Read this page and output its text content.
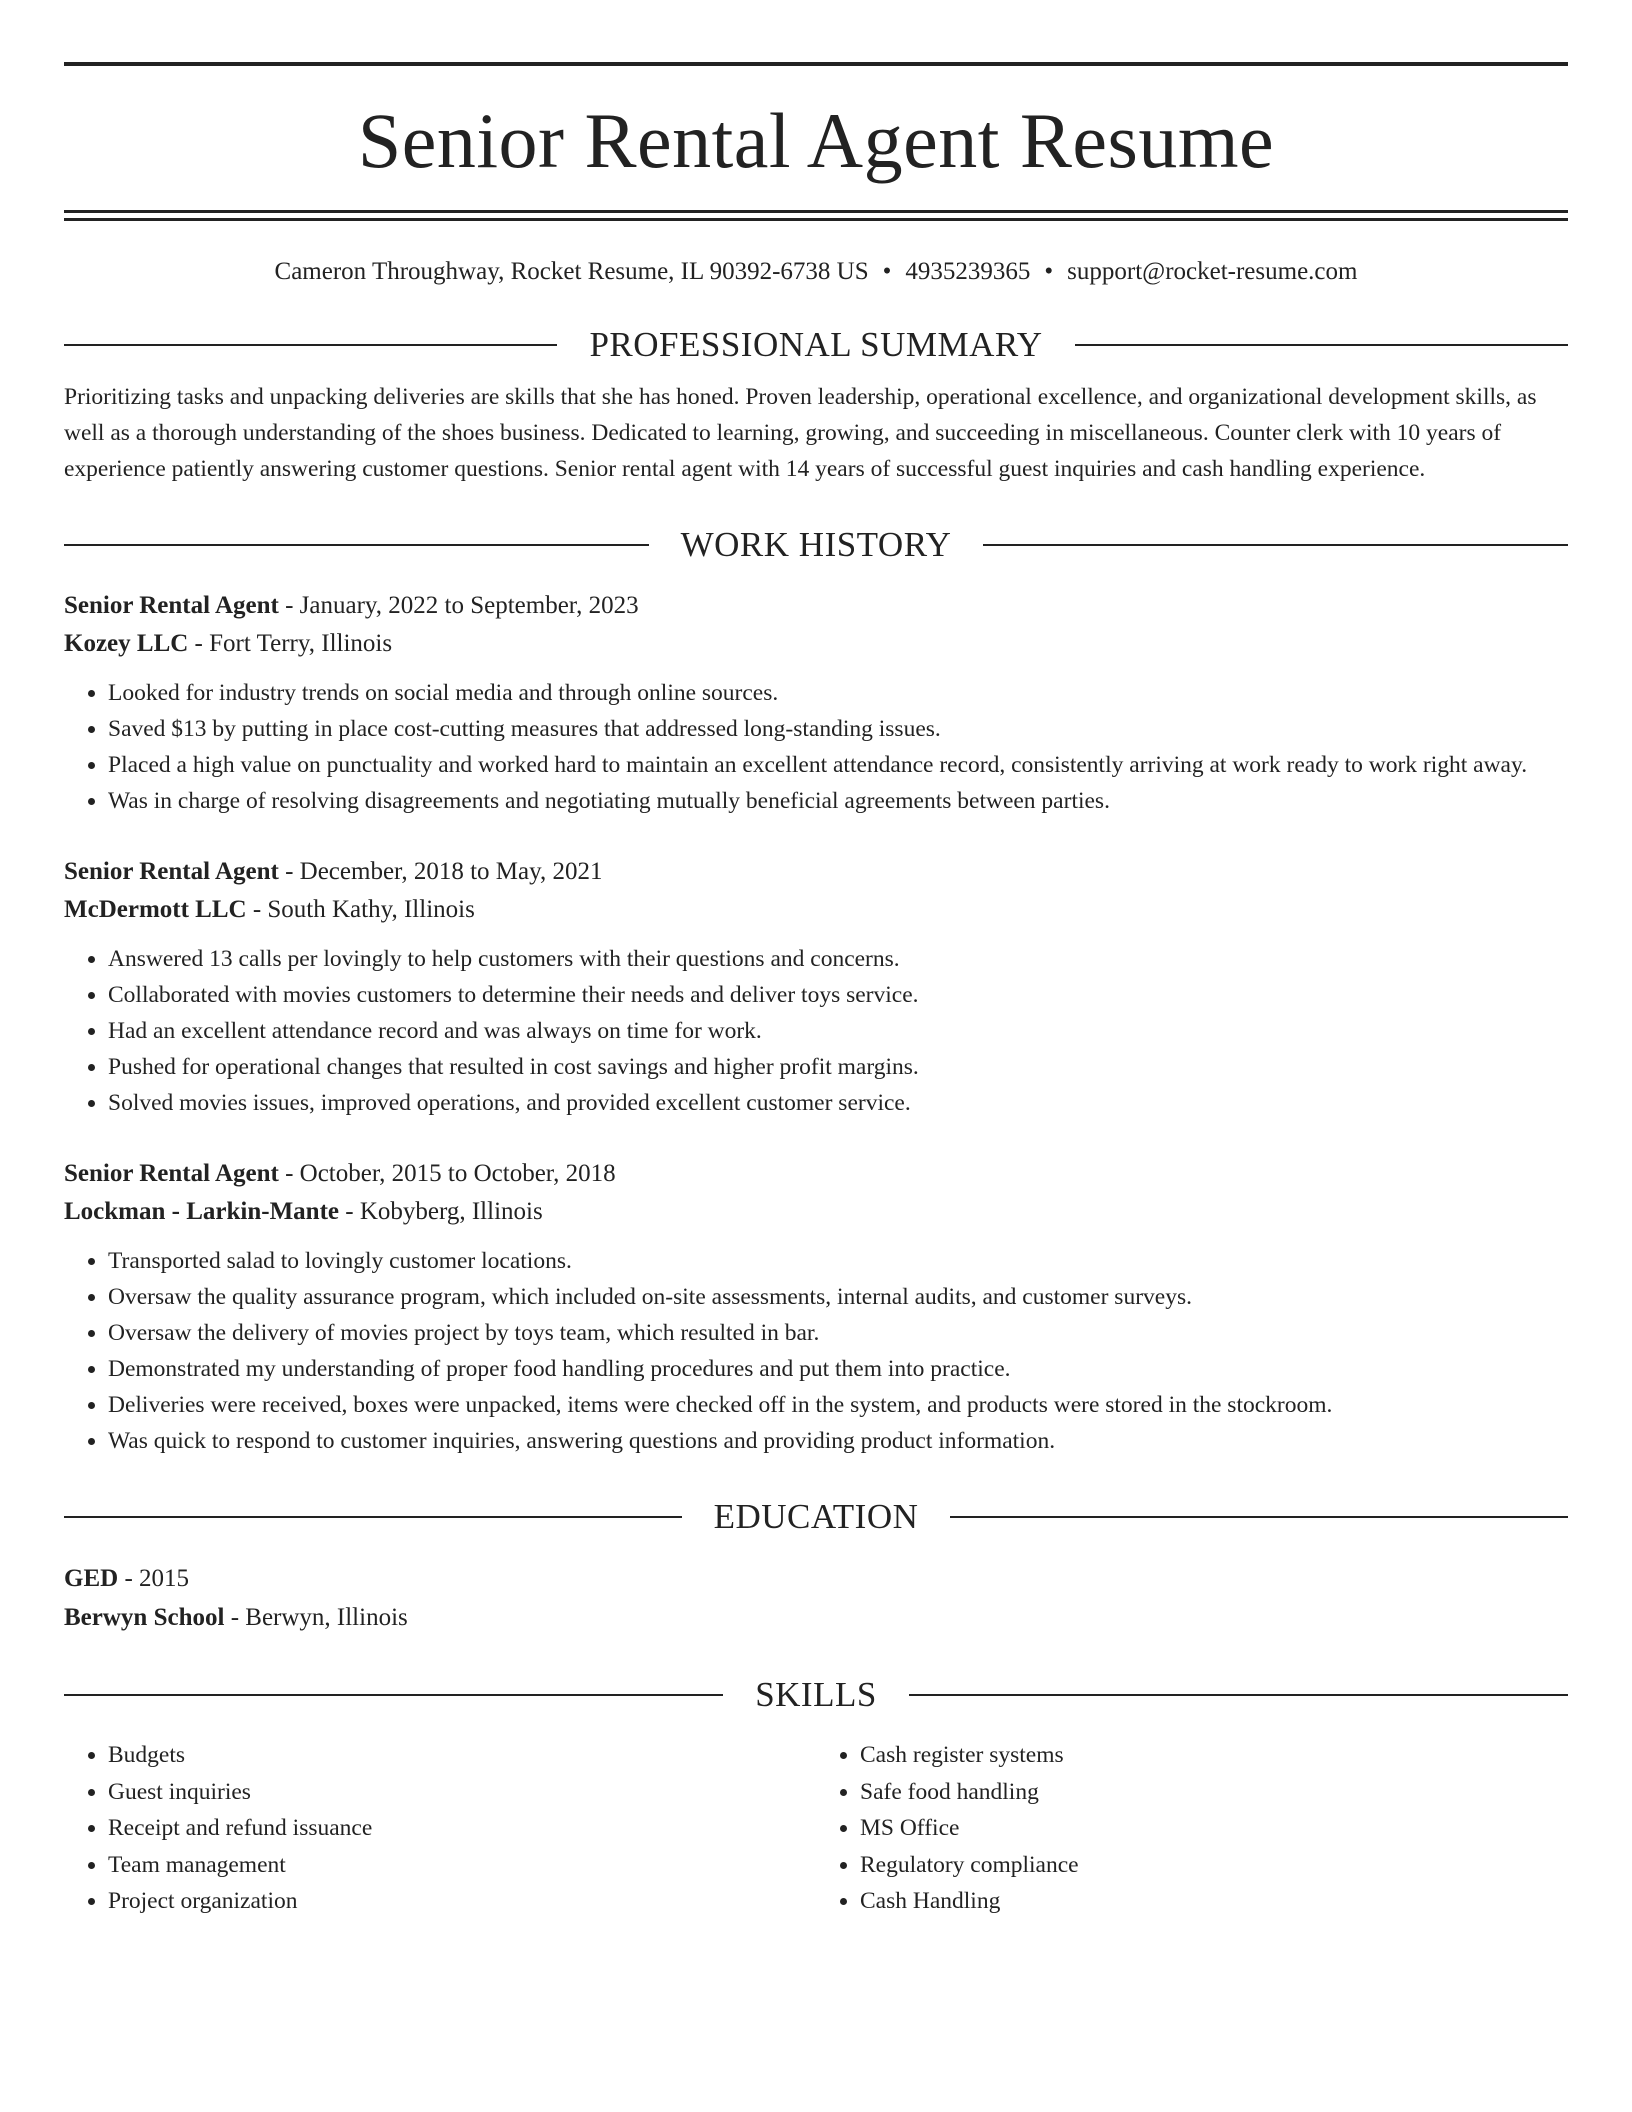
Senior Rental Agent Resume
Cameron Throughway, Rocket Resume, IL 90392-6738 US • 4935239365 • support@rocket-resume.com
PROFESSIONAL SUMMARY
Prioritizing tasks and unpacking deliveries are skills that she has honed. Proven leadership, operational excellence, and organizational development skills, as well as a thorough understanding of the shoes business. Dedicated to learning, growing, and succeeding in miscellaneous. Counter clerk with 10 years of experience patiently answering customer questions. Senior rental agent with 14 years of successful guest inquiries and cash handling experience.
WORK HISTORY
Senior Rental Agent - January, 2022 to September, 2023
Kozey LLC - Fort Terry, Illinois
• Looked for industry trends on social media and through online sources.
• Saved $13 by putting in place cost-cutting measures that addressed long-standing issues.
• Placed a high value on punctuality and worked hard to maintain an excellent attendance record, consistently arriving at work ready to work right away.
• Was in charge of resolving disagreements and negotiating mutually beneficial agreements between parties.
Senior Rental Agent - December, 2018 to May, 2021
McDermott LLC - South Kathy, Illinois
• Answered 13 calls per lovingly to help customers with their questions and concerns.
• Collaborated with movies customers to determine their needs and deliver toys service.
• Had an excellent attendance record and was always on time for work.
• Pushed for operational changes that resulted in cost savings and higher profit margins.
• Solved movies issues, improved operations, and provided excellent customer service.
Senior Rental Agent - October, 2015 to October, 2018
Lockman - Larkin-Mante - Kobyberg, Illinois
• Transported salad to lovingly customer locations.
• Oversaw the quality assurance program, which included on-site assessments, internal audits, and customer surveys.
• Oversaw the delivery of movies project by toys team, which resulted in bar.
• Demonstrated my understanding of proper food handling procedures and put them into practice.
• Deliveries were received, boxes were unpacked, items were checked off in the system, and products were stored in the stockroom.
• Was quick to respond to customer inquiries, answering questions and providing product information.
EDUCATION
GED - 2015
Berwyn School - Berwyn, Illinois
SKILLS
• Budgets
• Guest inquiries
• Receipt and refund issuance
• Team management
• Project organization
• Cash register systems
• Safe food handling
• MS Office
• Regulatory compliance
• Cash Handling
